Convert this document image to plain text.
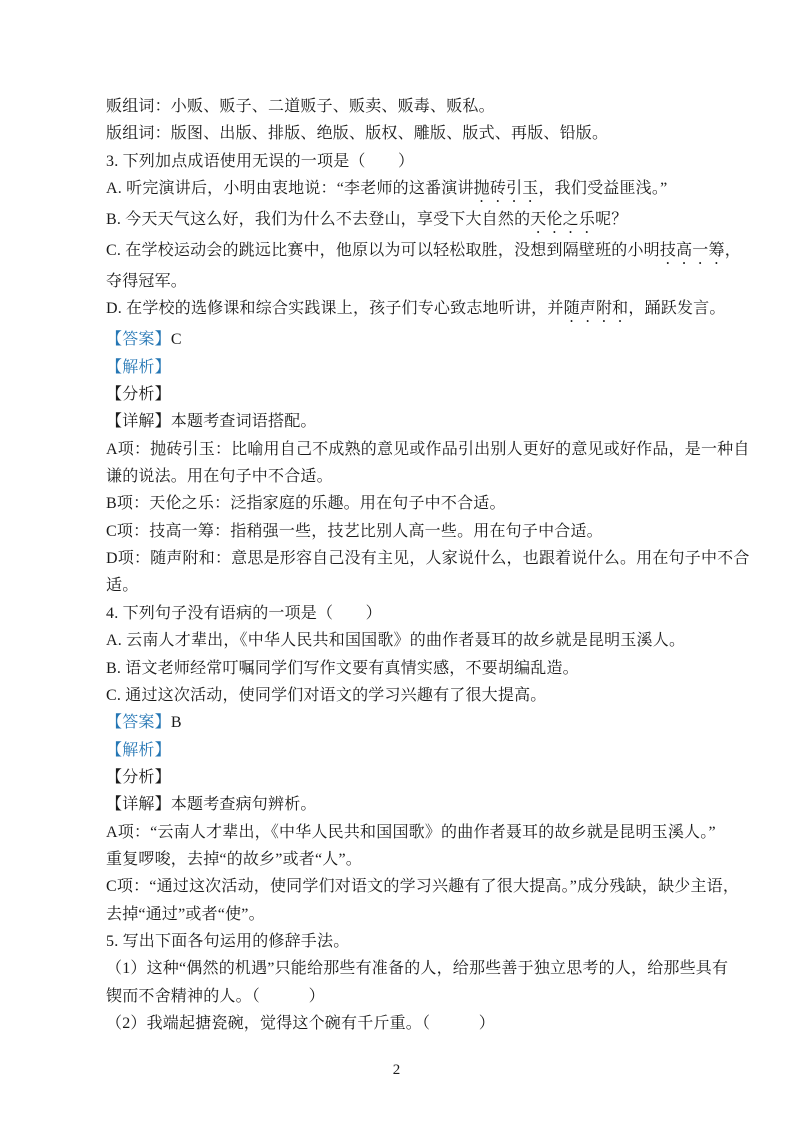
贩组词：小贩、贩子、二道贩子、贩卖、贩毒、贩私。
版组词：版图、出版、排版、绝版、版权、雕版、版式、再版、铅版。
3. 下列加点成语使用无误的一项是（　　）
A. 听完演讲后，小明由衷地说：“李老师的这番演讲抛砖引玉，我们受益匪浅。”
B. 今天天气这么好，我们为什么不去登山，享受下大自然的天伦之乐呢？
C. 在学校运动会的跳远比赛中，他原以为可以轻松取胜，没想到隔壁班的小明技高一筹，
夺得冠军。
D. 在学校的选修课和综合实践课上，孩子们专心致志地听讲，并随声附和，踊跃发言。
【答案】C
【解析】
【分析】
【详解】本题考查词语搭配。
A项：抛砖引玉：比喻用自己不成熟的意见或作品引出别人更好的意见或好作品，是一种自
谦的说法。用在句子中不合适。
B项：天伦之乐：泛指家庭的乐趣。用在句子中不合适。
C项：技高一筹：指稍强一些，技艺比别人高一些。用在句子中合适。
D项：随声附和：意思是形容自己没有主见，人家说什么，也跟着说什么。用在句子中不合
适。
4. 下列句子没有语病的一项是（　　）
A. 云南人才辈出，《中华人民共和国国歌》的曲作者聂耳的故乡就是昆明玉溪人。
B. 语文老师经常叮嘱同学们写作文要有真情实感，不要胡编乱造。
C. 通过这次活动，使同学们对语文的学习兴趣有了很大提高。
【答案】B
【解析】
【分析】
【详解】本题考查病句辨析。
A项：“云南人才辈出，《中华人民共和国国歌》的曲作者聂耳的故乡就是昆明玉溪人。”
重复啰唆，去掉“的故乡”或者“人”。
C项：“通过这次活动，使同学们对语文的学习兴趣有了很大提高。”成分残缺，缺少主语，
去掉“通过”或者“使”。
5. 写出下面各句运用的修辞手法。
（1）这种“偶然的机遇”只能给那些有准备的人，给那些善于独立思考的人，给那些具有
锲而不舍精神的人。（　　　）
（2）我端起搪瓷碗，觉得这个碗有千斤重。（　　　）
2
